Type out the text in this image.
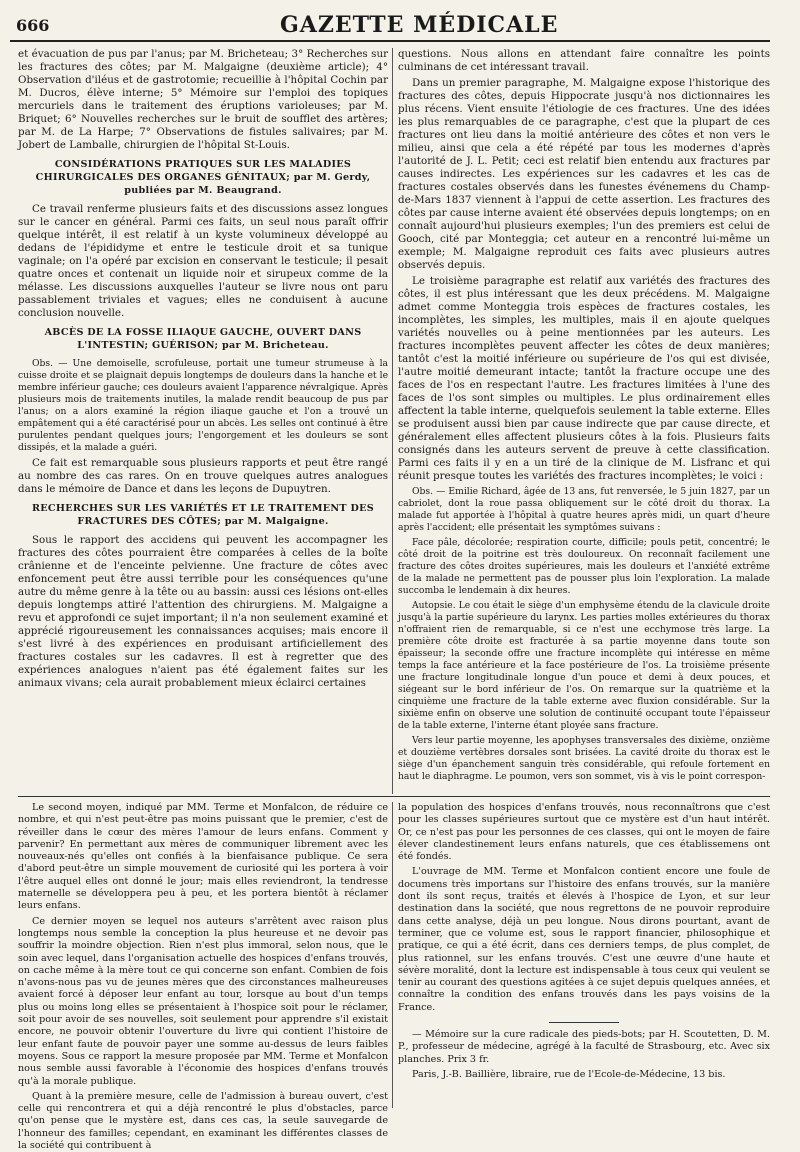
666	GAZETTE MÉDICALE

et évacuation de pus par l'anus; par M. Bricheteau; 3° Recherches sur les fractures des côtes; par M. Malgaigne (deuxième article); 4° Observation d'iléus et de gastrotomie; recueillie à l'hôpital Cochin par M. Ducros, élève interne; 5° Mémoire sur l'emploi des topiques mercuriels dans le traitement des éruptions varioleuses; par M. Briquet; 6° Nouvelles recherches sur le bruit de soufflet des artères; par M. de La Harpe; 7° Observations de fistules salivaires; par M. Jobert de Lamballe, chirurgien de l'hôpital St-Louis.

CONSIDÉRATIONS PRATIQUES SUR LES MALADIES CHIRURGICALES DES ORGANES GÉNITAUX; par M. Gerdy, publiées par M. Beaugrand.

Ce travail renferme plusieurs faits et des discussions assez longues sur le cancer en général. Parmi ces faits, un seul nous paraît offrir quelque intérêt, il est relatif à un kyste volumineux développé au dedans de l'épididyme et entre le testicule droit et sa tunique vaginale; on l'a opéré par excision en conservant le testicule; il pesait quatre onces et contenait un liquide noir et sirupeux comme de la mélasse. Les discussions auxquelles l'auteur se livre nous ont paru passablement triviales et vagues; elles ne conduisent à aucune conclusion nouvelle.

ABCÈS DE LA FOSSE ILIAQUE GAUCHE, OUVERT DANS L'INTESTIN; GUÉRISON; par M. Bricheteau.

Obs. — Une demoiselle, scrofuleuse, portait une tumeur strumeuse à la cuisse droite et se plaignait depuis longtemps de douleurs dans la hanche et le membre inférieur gauche; ces douleurs avaient l'apparence névralgique. Après plusieurs mois de traitements inutiles, la malade rendit beaucoup de pus par l'anus; on a alors examiné la région iliaque gauche et l'on a trouvé un empâtement qui a été caractérisé pour un abcès. Les selles ont continué à être purulentes pendant quelques jours; l'engorgement et les douleurs se sont dissipés, et la malade a guéri.

Ce fait est remarquable sous plusieurs rapports et peut être rangé au nombre des cas rares. On en trouve quelques autres analogues dans le mémoire de Dance et dans les leçons de Dupuytren.

RECHERCHES SUR LES VARIÉTÉS ET LE TRAITEMENT DES FRACTURES DES CÔTES; par M. Malgaigne.

Sous le rapport des accidens qui peuvent les accompagner les fractures des côtes pourraient être comparées à celles de la boîte crânienne et de l'enceinte pelvienne. Une fracture de côtes avec enfoncement peut être aussi terrible pour les conséquences qu'une autre du même genre à la tête ou au bassin: aussi ces lésions ont-elles depuis longtemps attiré l'attention des chirurgiens. M. Malgaigne a revu et approfondi ce sujet important; il n'a non seulement examiné et apprécié rigoureusement les connaissances acquises; mais encore il s'est livré à des expériences en produisant artificiellement des fractures costales sur les cadavres. Il est à regretter que des expériences analogues n'aient pas été également faites sur les animaux vivans; cela aurait probablement mieux éclairci certaines

questions. Nous allons en attendant faire connaître les points culminans de cet intéressant travail.

Dans un premier paragraphe, M. Malgaigne expose l'historique des fractures des côtes, depuis Hippocrate jusqu'à nos dictionnaires les plus récens. Vient ensuite l'étiologie de ces fractures. Une des idées les plus remarquables de ce paragraphe, c'est que la plupart de ces fractures ont lieu dans la moitié antérieure des côtes et non vers le milieu, ainsi que cela a été répété par tous les modernes d'après l'autorité de J. L. Petit; ceci est relatif bien entendu aux fractures par causes indirectes. Les expériences sur les cadavres et les cas de fractures costales observés dans les funestes événemens du Champ-de-Mars 1837 viennent à l'appui de cette assertion. Les fractures des côtes par cause interne avaient été observées depuis longtemps; on en connaît aujourd'hui plusieurs exemples; l'un des premiers est celui de Gooch, cité par Monteggia; cet auteur en a rencontré lui-même un exemple; M. Malgaigne reproduit ces faits avec plusieurs autres observés depuis.

Le troisième paragraphe est relatif aux variétés des fractures des côtes, il est plus intéressant que les deux précédens. M. Malgaigne admet comme Monteggia trois espèces de fractures costales, les incomplètes, les simples, les multiples, mais il en ajoute quelques variétés nouvelles ou à peine mentionnées par les auteurs. Les fractures incomplètes peuvent affecter les côtes de deux manières; tantôt c'est la moitié inférieure ou supérieure de l'os qui est divisée, l'autre moitié demeurant intacte; tantôt la fracture occupe une des faces de l'os en respectant l'autre. Les fractures limitées à l'une des faces de l'os sont simples ou multiples. Le plus ordinairement elles affectent la table interne, quelquefois seulement la table externe. Elles se produisent aussi bien par cause indirecte que par cause directe, et généralement elles affectent plusieurs côtes à la fois. Plusieurs faits consignés dans les auteurs servent de preuve à cette classification. Parmi ces faits il y en a un tiré de la clinique de M. Lisfranc et qui réunit presque toutes les variétés des fractures incomplètes; le voici :

Obs. — Emilie Richard, âgée de 13 ans, fut renversée, le 5 juin 1827, par un cabriolet, dont la roue passa obliquement sur le côté droit du thorax. La malade fut apportée à l'hôpital à quatre heures après midi, un quart d'heure après l'accident; elle présentait les symptômes suivans :

Face pâle, décolorée; respiration courte, difficile; pouls petit, concentré; le côté droit de la poitrine est très douloureux. On reconnaît facilement une fracture des côtes droites supérieures, mais les douleurs et l'anxiété extrême de la malade ne permettent pas de pousser plus loin l'exploration. La malade succomba le lendemain à dix heures.

Autopsie. Le cou était le siège d'un emphysème étendu de la clavicule droite jusqu'à la partie supérieure du larynx. Les parties molles extérieures du thorax n'offraient rien de remarquable, si ce n'est une ecchymose très large. La première côte droite est fracturée à sa partie moyenne dans toute son épaisseur; la seconde offre une fracture incomplète qui intéresse en même temps la face antérieure et la face postérieure de l'os. La troisième présente une fracture longitudinale longue d'un pouce et demi à deux pouces, et siégeant sur le bord inférieur de l'os. On remarque sur la quatrième et la cinquième une fracture de la table externe avec fluxion considérable. Sur la sixième enfin on observe une solution de continuité occupant toute l'épaisseur de la table externe, l'interne étant ployée sans fracture.

Vers leur partie moyenne, les apophyses transversales des dixième, onzième et douzième vertèbres dorsales sont brisées. La cavité droite du thorax est le siège d'un épanchement sanguin très considérable, qui refoule fortement en haut le diaphragme. Le poumon, vers son sommet, vis à vis le point correspon-

Le second moyen, indiqué par MM. Terme et Monfalcon, de réduire ce nombre, et qui n'est peut-être pas moins puissant que le premier, c'est de réveiller dans le cœur des mères l'amour de leurs enfans. Comment y parvenir? En permettant aux mères de communiquer librement avec les nouveaux-nés qu'elles ont confiés à la bienfaisance publique. Ce sera d'abord peut-être un simple mouvement de curiosité qui les portera à voir l'être auquel elles ont donné le jour; mais elles reviendront, la tendresse maternelle se développera peu à peu, et les portera bientôt à réclamer leurs enfans.

Ce dernier moyen se lequel nos auteurs s'arrêtent avec raison plus longtemps nous semble la conception la plus heureuse et ne devoir pas souffrir la moindre objection. Rien n'est plus immoral, selon nous, que le soin avec lequel, dans l'organisation actuelle des hospices d'enfans trouvés, on cache même à la mère tout ce qui concerne son enfant. Combien de fois n'avons-nous pas vu de jeunes mères que des circonstances malheureuses avaient forcé à déposer leur enfant au tour, lorsque au bout d'un temps plus ou moins long elles se présentaient à l'hospice soit pour le réclamer, soit pour avoir de ses nouvelles, soit seulement pour apprendre s'il existait encore, ne pouvoir obtenir l'ouverture du livre qui contient l'histoire de leur enfant faute de pouvoir payer une somme au-dessus de leurs faibles moyens. Sous ce rapport la mesure proposée par MM. Terme et Monfalcon nous semble aussi favorable à l'économie des hospices d'enfans trouvés qu'à la morale publique.

Quant à la première mesure, celle de l'admission à bureau ouvert, c'est celle qui rencontrera et qui a déjà rencontré le plus d'obstacles, parce qu'on pense que le mystère est, dans ces cas, la seule sauvegarde de l'honneur des familles; cependant, en examinant les différentes classes de la société qui contribuent à

la population des hospices d'enfans trouvés, nous reconnaîtrons que c'est pour les classes supérieures surtout que ce mystère est d'un haut intérêt. Or, ce n'est pas pour les personnes de ces classes, qui ont le moyen de faire élever clandestinement leurs enfans naturels, que ces établissemens ont été fondés.

L'ouvrage de MM. Terme et Monfalcon contient encore une foule de documens très importans sur l'histoire des enfans trouvés, sur la manière dont ils sont reçus, traités et élevés à l'hospice de Lyon, et sur leur destination dans la société, que nous regrettons de ne pouvoir reproduire dans cette analyse, déjà un peu longue. Nous dirons pourtant, avant de terminer, que ce volume est, sous le rapport financier, philosophique et pratique, ce qui a été écrit, dans ces derniers temps, de plus complet, de plus rationnel, sur les enfans trouvés. C'est une œuvre d'une haute et sévère moralité, dont la lecture est indispensable à tous ceux qui veulent se tenir au courant des questions agitées à ce sujet depuis quelques années, et connaître la condition des enfans trouvés dans les pays voisins de la France.

— Mémoire sur la cure radicale des pieds-bots; par H. Scoutetten, D. M. P., professeur de médecine, agrégé à la faculté de Strasbourg, etc. Avec six planches. Prix 3 fr.

Paris, J.-B. Baillière, libraire, rue de l'Ecole-de-Médecine, 13 bis.
